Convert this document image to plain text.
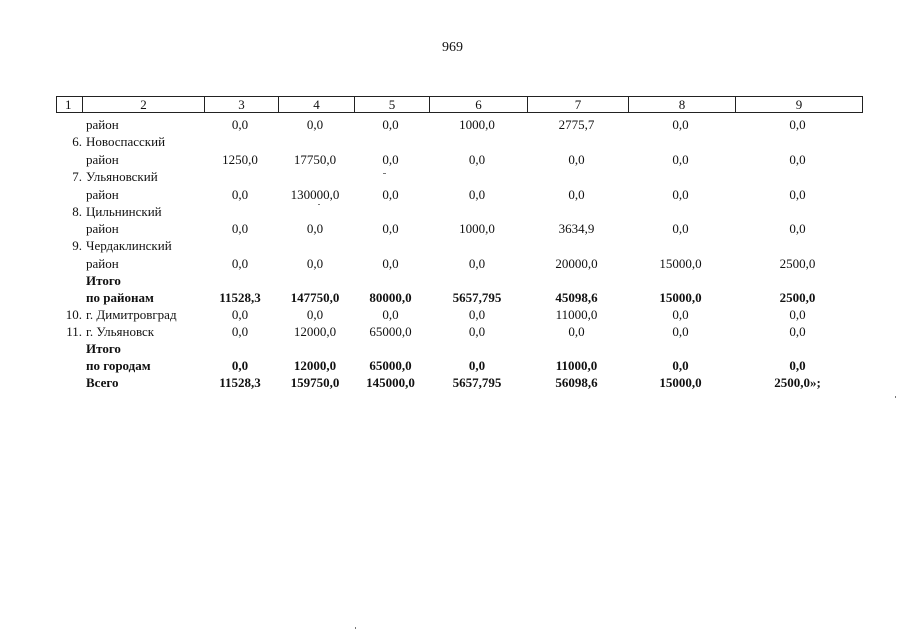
969
1	2	3	4	5	6	7	8	9
район	0,0	0,0	0,0	1000,0	2775,7	0,0	0,0
6. Новоспасский
район	1250,0	17750,0	0,0	0,0	0,0	0,0	0,0
7. Ульяновский
район	0,0	130000,0	0,0	0,0	0,0	0,0	0,0
8. Цильнинский
район	0,0	0,0	0,0	1000,0	3634,9	0,0	0,0
9. Чердаклинский
район	0,0	0,0	0,0	0,0	20000,0	15000,0	2500,0
Итого
по районам	11528,3	147750,0	80000,0	5657,795	45098,6	15000,0	2500,0
10. г. Димитровград	0,0	0,0	0,0	0,0	11000,0	0,0	0,0
11. г. Ульяновск	0,0	12000,0	65000,0	0,0	0,0	0,0	0,0
Итого
по городам	0,0	12000,0	65000,0	0,0	11000,0	0,0	0,0
Всего	11528,3	159750,0	145000,0	5657,795	56098,6	15000,0	2500,0»;
